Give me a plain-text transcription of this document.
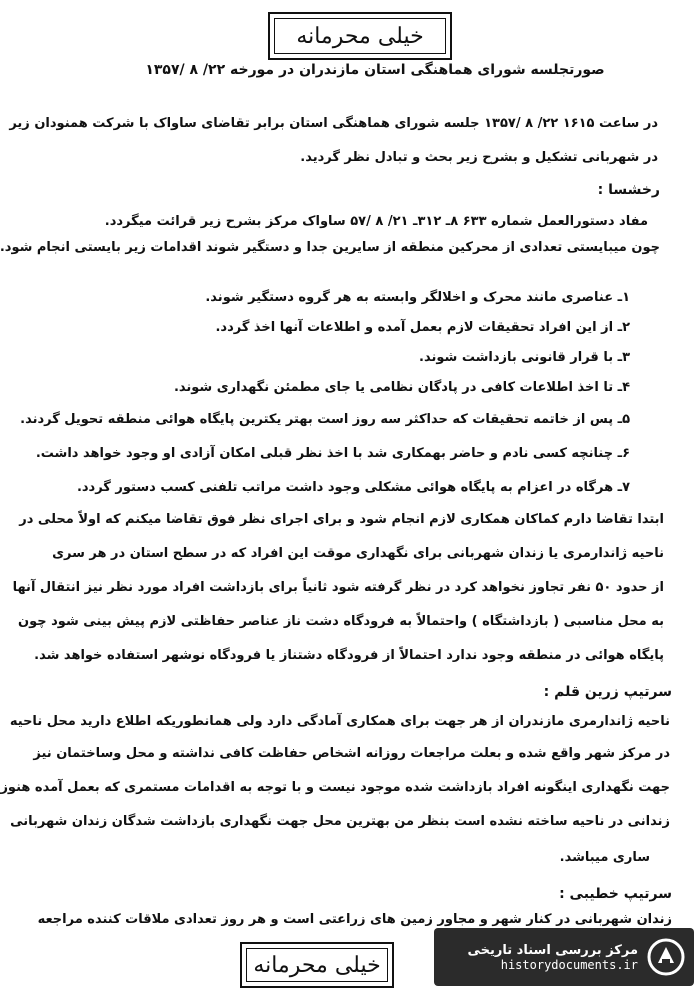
خیلی محرمانه
صورتجلسه شورای هماهنگی استان مازندران در مورخه ۲۲/ ۸ /۱۳۵۷
در ساعت ۱۶۱۵ ۲۲/ ۸ /۱۳۵۷ جلسه شورای هماهنگی استان برابر تقاضای ساواک با شرکت همنودان زیر
در شهربانی تشکیل و بشرح زیر بحث و تبادل نظر گردید.
رخشسا :
مفاد دستورالعمل شماره ۶۳۳ ۸ـ ۳۱۲ـ ۲۱/ ۸ /۵۷ ساواک مرکز بشرح زیر قرائت میگردد.
چون میبایستی تعدادی از محرکین منطقه از سایرین جدا و دستگیر شوند اقدامات زیر بایستی انجام شود.
۱ـ عناصری مانند محرک و اخلالگر وابسته به هر گروه دستگیر شوند.
۲ـ از این افراد تحقیقات لازم بعمل آمده و اطلاعات آنها اخذ گردد.
۳ـ با قرار قانونی بازداشت شوند.
۴ـ تا اخذ اطلاعات کافی در پادگان نظامی یا جای مطمئن نگهداری شوند.
۵ـ پس از خاتمه تحقیقات که حداکثر سه روز است بهتر یکترین پایگاه هوائی منطقه تحویل گردند.
۶ـ چنانچه کسی نادم و حاضر بهمکاری شد با اخذ نظر قبلی امکان آزادی او وجود خواهد داشت.
۷ـ هرگاه در اعزام به پایگاه هوائی مشکلی وجود داشت مراتب تلفنی کسب دستور گردد.
ابتدا تقاضا دارم کماکان همکاری لازم انجام شود و برای اجرای نظر فوق تقاضا میکنم که اولاً محلی در
ناحیه ژاندارمری یا زندان شهربانی برای نگهداری موقت این افراد که در سطح استان در هر سری
از حدود ۵۰ نفر تجاوز نخواهد کرد در نظر گرفته شود ثانیاً برای بازداشت افراد مورد نظر نیز انتقال آنها
به محل مناسبی ( بازداشتگاه ) واحتمالاً به فرودگاه دشت ناز عناصر حفاظتی لازم پیش بینی شود چون
پایگاه هوائی در منطقه وجود ندارد احتمالاً از فرودگاه دشتناز یا فرودگاه نوشهر استفاده خواهد شد.
سرتیپ زرین قلم :
ناحیه ژاندارمری مازندران از هر جهت برای همکاری آمادگی دارد ولی همانطوریکه اطلاع دارید محل ناحیه
در مرکز شهر واقع شده و بعلت مراجعات روزانه اشخاص حفاظت کافی نداشته و محل وساختمان نیز
جهت نگهداری اینگونه افراد بازداشت شده موجود نیست و با توجه به اقدامات مستمری که بعمل آمده هنوز
زندانی در ناحیه ساخته نشده است بنظر من بهترین محل جهت نگهداری بازداشت شدگان زندان شهربانی
ساری میباشد.
سرتیپ خطیبی :
زندان شهربانی در کنار شهر و مجاور زمین های زراعتی است و هر روز تعدادی ملاقات کننده مراجعه
خیلی محرمانه
مرکز بررسی اسناد تاریخی
historydocuments.ir
